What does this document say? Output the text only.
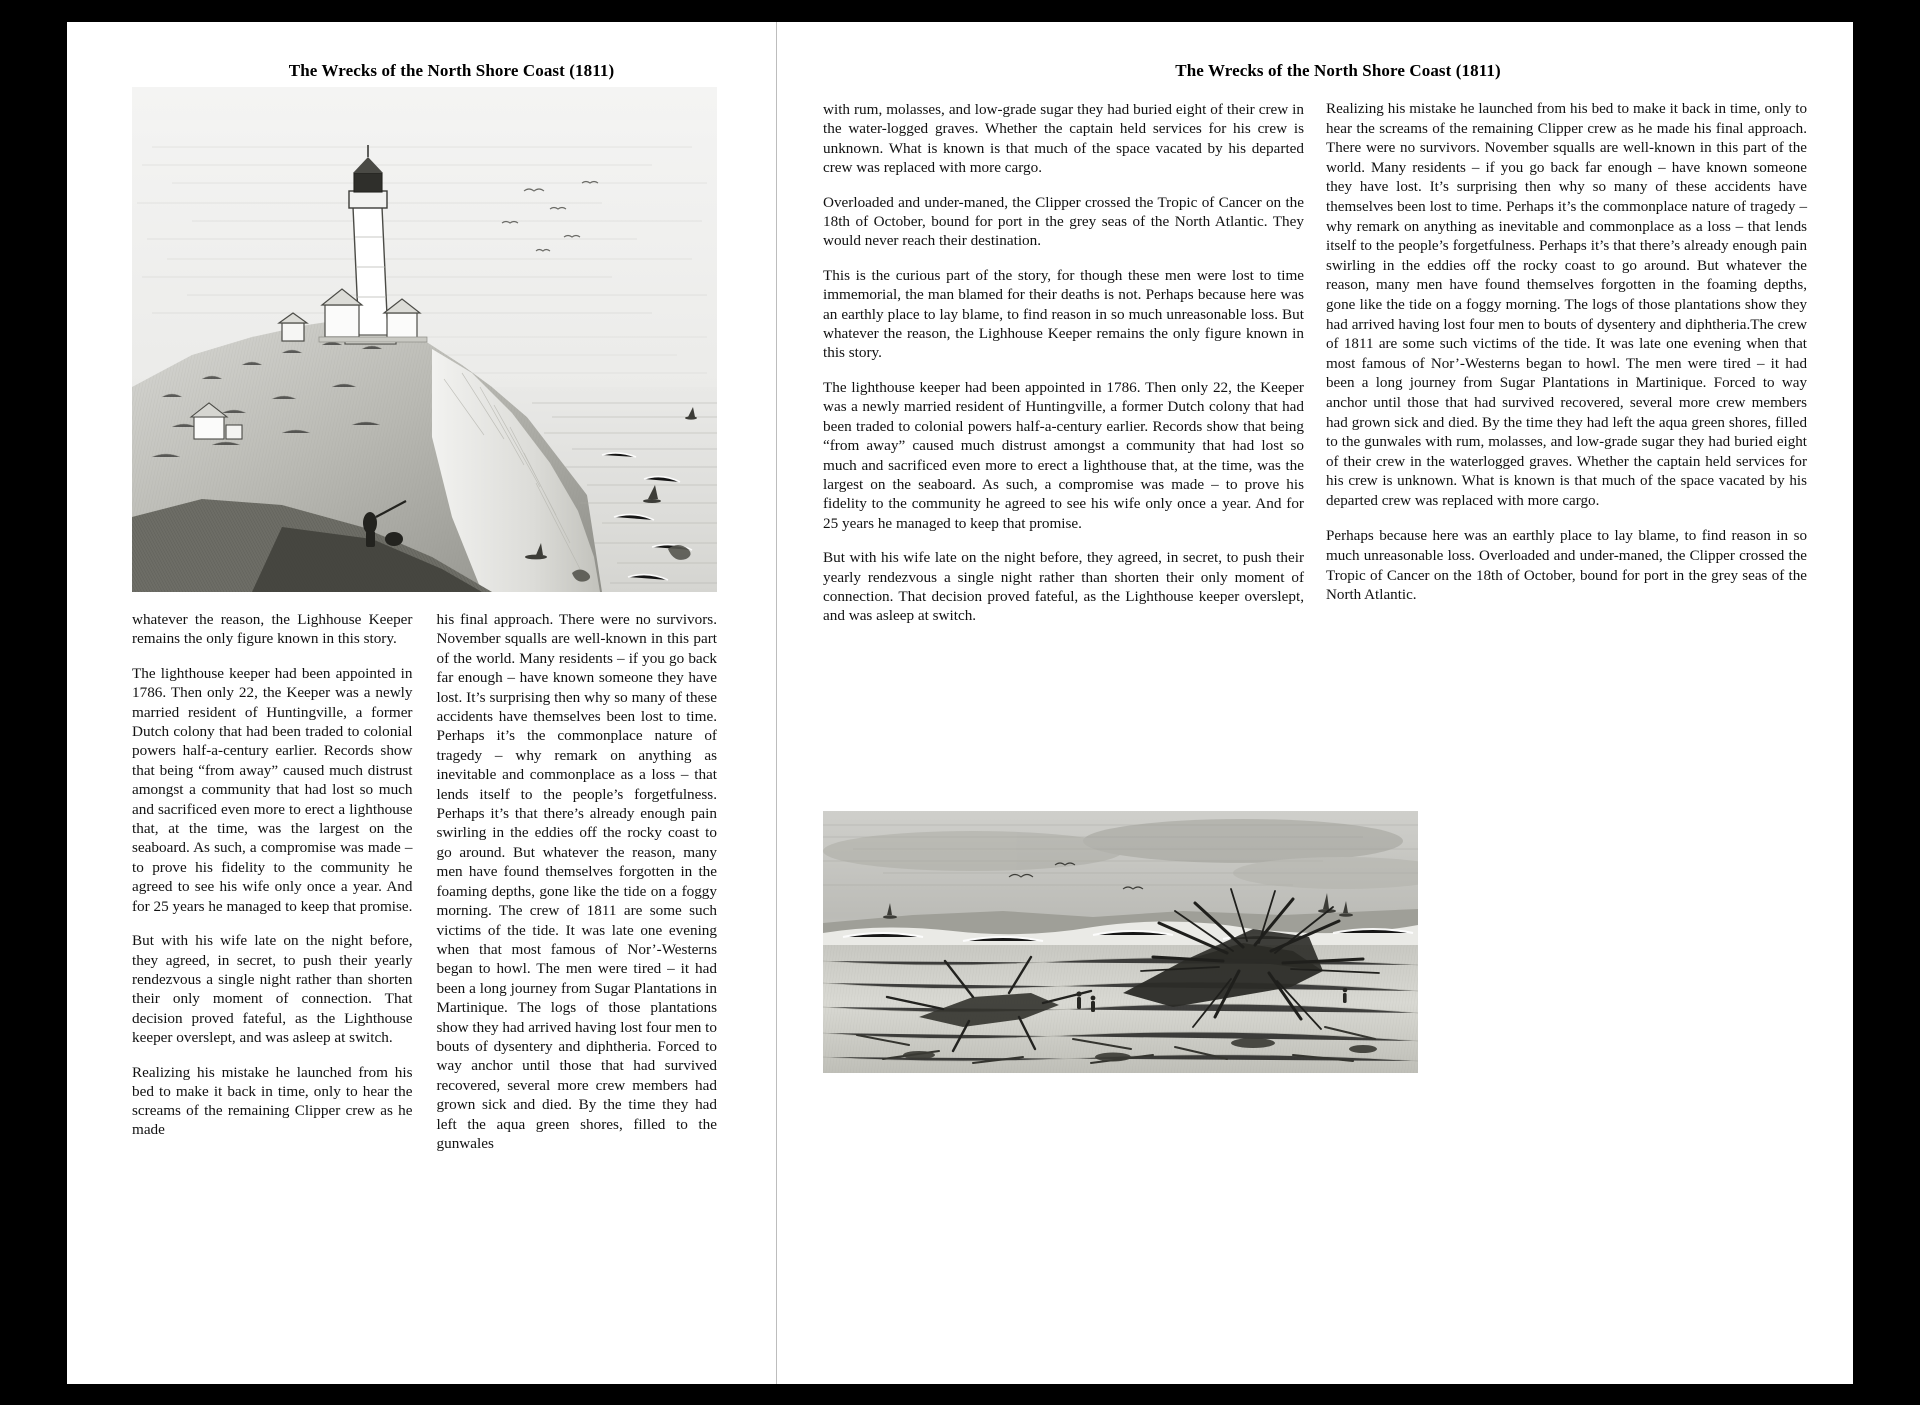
The Wrecks of the North Shore Coast (1811)

whatever the reason, the Lighhouse Keeper remains the only figure known in this story.

The lighthouse keeper had been appointed in 1786. Then only 22, the Keeper was a newly married resident of Huntingville, a former Dutch colony that had been traded to colonial powers half-a-century earlier. Records show that being “from away” caused much distrust amongst a community that had lost so much and sacrificed even more to erect a lighthouse that, at the time, was the largest on the seaboard. As such, a compromise was made – to prove his fidelity to the community he agreed to see his wife only once a year. And for 25 years he managed to keep that promise.

But with his wife late on the night before, they agreed, in secret, to push their yearly rendezvous a single night rather than shorten their only moment of connection. That decision proved fateful, as the Lighthouse keeper overslept, and was asleep at switch.

Realizing his mistake he launched from his bed to make it back in time, only to hear the screams of the remaining Clipper crew as he made

his final approach. There were no survivors. November squalls are well-known in this part of the world. Many residents – if you go back far enough – have known someone they have lost. It’s surprising then why so many of these accidents have themselves been lost to time. Perhaps it’s the commonplace nature of tragedy – why remark on anything as inevitable and commonplace as a loss – that lends itself to the people’s forgetfulness. Perhaps it’s that there’s already enough pain swirling in the eddies off the rocky coast to go around. But whatever the reason, many men have found themselves forgotten in the foaming depths, gone like the tide on a foggy morning. The crew of 1811 are some such victims of the tide. It was late one evening when that most famous of Nor’-Westerns began to howl. The men were tired – it had been a long journey from Sugar Plantations in Martinique. The logs of those plantations show they had arrived having lost four men to bouts of dysentery and diphtheria. Forced to way anchor until those that had survived recovered, several more crew members had grown sick and died. By the time they had left the aqua green shores, filled to the gunwales

The Wrecks of the North Shore Coast (1811)

with rum, molasses, and low-grade sugar they had buried eight of their crew in the water-logged graves. Whether the captain held services for his crew is unknown. What is known is that much of the space vacated by his departed crew was replaced with more cargo.

Overloaded and under-maned, the Clipper crossed the Tropic of Cancer on the 18th of October, bound for port in the grey seas of the North Atlantic. They would never reach their destination.

This is the curious part of the story, for though these men were lost to time immemorial, the man blamed for their deaths is not. Perhaps because here was an earthly place to lay blame, to find reason in so much unreasonable loss. But whatever the reason, the Lighhouse Keeper remains the only figure known in this story.

The lighthouse keeper had been appointed in 1786. Then only 22, the Keeper was a newly married resident of Huntingville, a former Dutch colony that had been traded to colonial powers half-a-century earlier. Records show that being “from away” caused much distrust amongst a community that had lost so much and sacrificed even more to erect a lighthouse that, at the time, was the largest on the seaboard. As such, a compromise was made – to prove his fidelity to the community he agreed to see his wife only once a year. And for 25 years he managed to keep that promise.

But with his wife late on the night before, they agreed, in secret, to push their yearly rendezvous a single night rather than shorten their only moment of connection. That decision proved fateful, as the Lighthouse keeper overslept, and was asleep at switch.

Realizing his mistake he launched from his bed to make it back in time, only to hear the screams of the remaining Clipper crew as he made his final approach. There were no survivors. November squalls are well-known in this part of the world. Many residents – if you go back far enough – have known someone they have lost. It’s surprising then why so many of these accidents have themselves been lost to time. Perhaps it’s the commonplace nature of tragedy – why remark on anything as inevitable and commonplace as a loss – that lends itself to the people’s forgetfulness. Perhaps it’s that there’s already enough pain swirling in the eddies off the rocky coast to go around. But whatever the reason, many men have found themselves forgotten in the foaming depths, gone like the tide on a foggy morning. The logs of those plantations show they had arrived having lost four men to bouts of dysentery and diphtheria.The crew of 1811 are some such victims of the tide. It was late one evening when that most famous of Nor’-Westerns began to howl. The men were tired – it had been a long journey from Sugar Plantations in Martinique. Forced to way anchor until those that had survived recovered, several more crew members had grown sick and died. By the time they had left the aqua green shores, filled to the gunwales with rum, molasses, and low-grade sugar they had buried eight of their crew in the waterlogged graves. Whether the captain held services for his crew is unknown. What is known is that much of the space vacated by his departed crew was replaced with more cargo.

Perhaps because here was an earthly place to lay blame, to find reason in so much unreasonable loss. Overloaded and under-maned, the Clipper crossed the Tropic of Cancer on the 18th of October, bound for port in the grey seas of the North Atlantic.
